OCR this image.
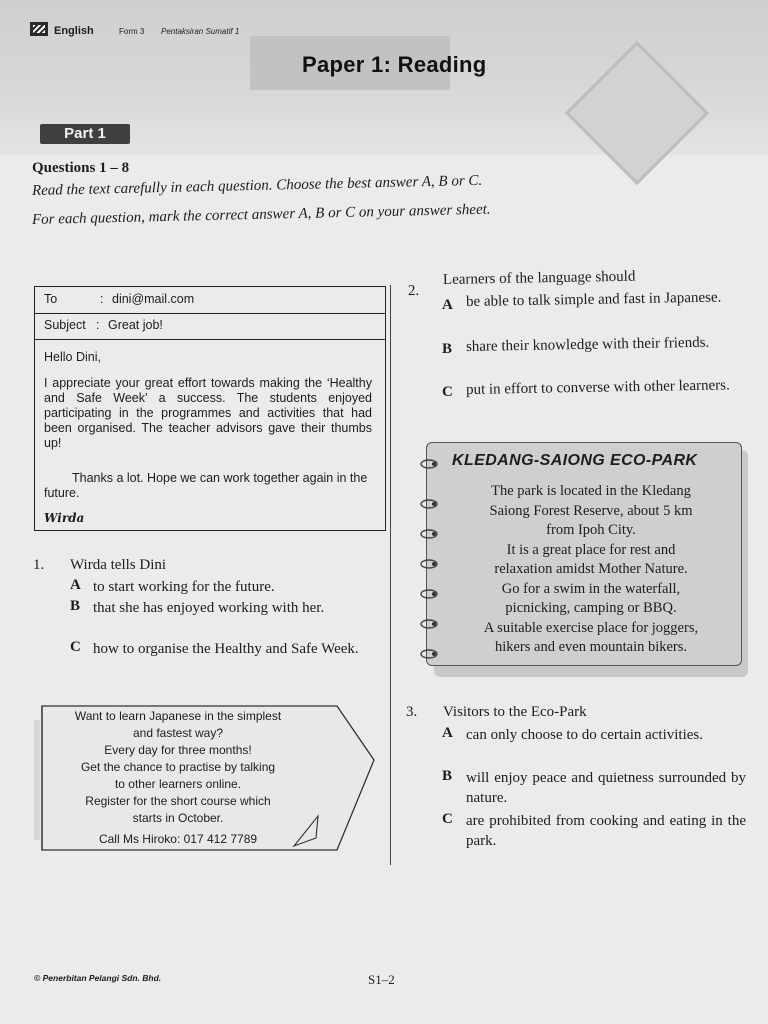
English	Form 3 Pentaksiran Sumatif 1
Paper 1: Reading
Part 1
Questions 1 – 8
Read the text carefully in each question. Choose the best answer A, B or C.
For each question, mark the correct answer A, B or C on your answer sheet.
To	: dini@mail.com
Subject : Great job!
Hello Dini,
I appreciate your great effort towards making the ‘Healthy and Safe Week’ a success. The students enjoyed participating in the programmes and activities that had been organised. The teacher advisors gave their thumbs up!
Thanks a lot. Hope we can work together again in the future.
Wirda
1. Wirda tells Dini
A to start working for the future.
B that she has enjoyed working with her.
C how to organise the Healthy and Safe Week.
Want to learn Japanese in the simplest
and fastest way?
Every day for three months!
Get the chance to practise by talking
to other learners online.
Register for the short course which
starts in October.
Call Ms Hiroko: 017 412 7789
2.
Learners of the language should
A be able to talk simple and fast in Japanese.
B share their knowledge with their friends.
C put in effort to converse with other learners.
KLEDANG-SAIONG ECO-PARK
The park is located in the Kledang
Saiong Forest Reserve, about 5 km
from Ipoh City.
It is a great place for rest and
relaxation amidst Mother Nature.
Go for a swim in the waterfall,
picnicking, camping or BBQ.
A suitable exercise place for joggers,
hikers and even mountain bikers.
3. Visitors to the Eco-Park
A can only choose to do certain activities.
B will enjoy peace and quietness surrounded by nature.
C are prohibited from cooking and eating in the park.
© Penerbitan Pelangi Sdn. Bhd.	S1–2
